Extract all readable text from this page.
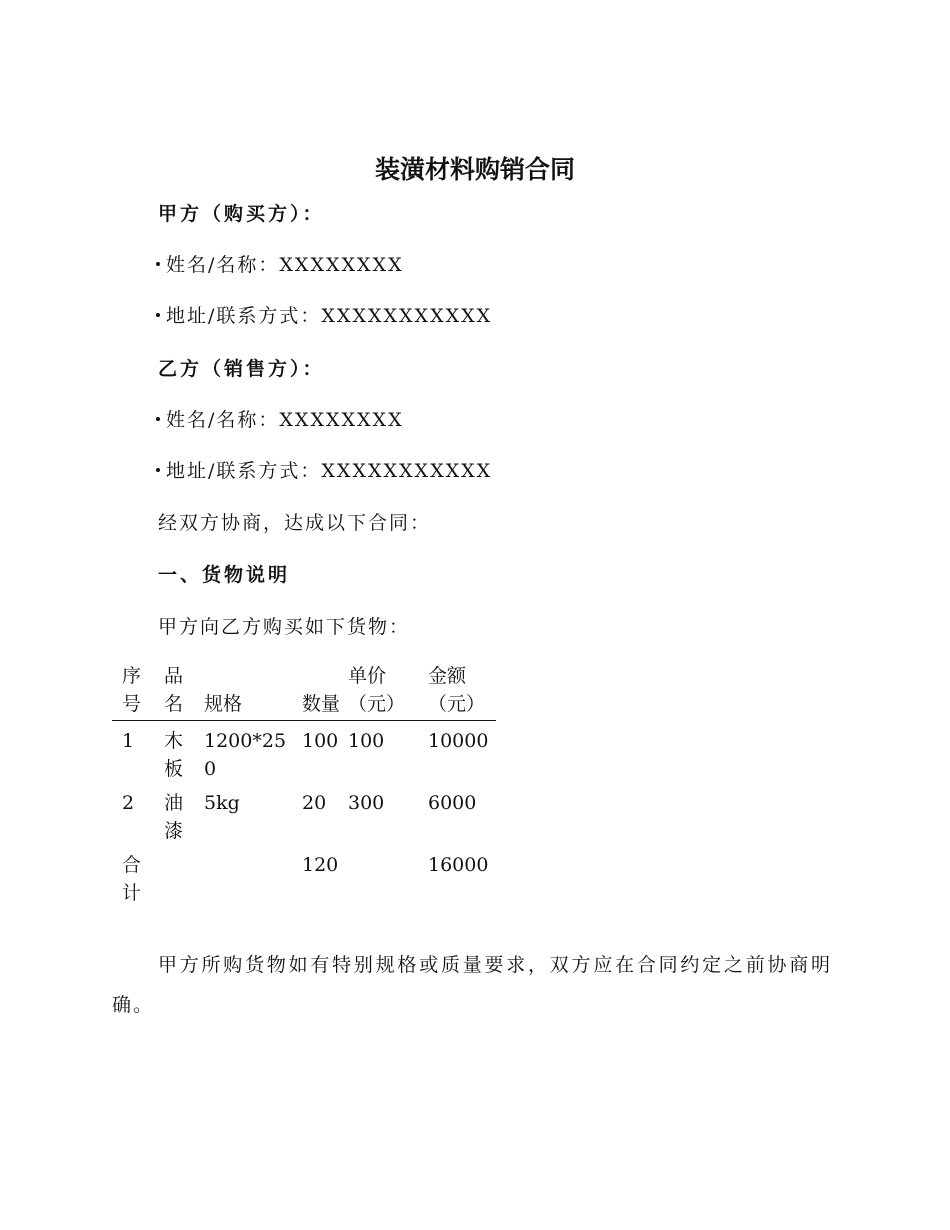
装潢材料购销合同
甲方（购买方）：
姓名/名称：XXXXXXXX
地址/联系方式：XXXXXXXXXXX
乙方（销售方）：
姓名/名称：XXXXXXXX
地址/联系方式：XXXXXXXXXXX
经双方协商，达成以下合同：
一、货物说明
甲方向乙方购买如下货物：
序号	品名	规格	数量	单价（元）	金额（元）
1	木板	1200*250	100	100	10000
2	油漆	5kg	20	300	6000
合计			120		16000
甲方所购货物如有特别规格或质量要求，双方应在合同约定之前协商明确。
